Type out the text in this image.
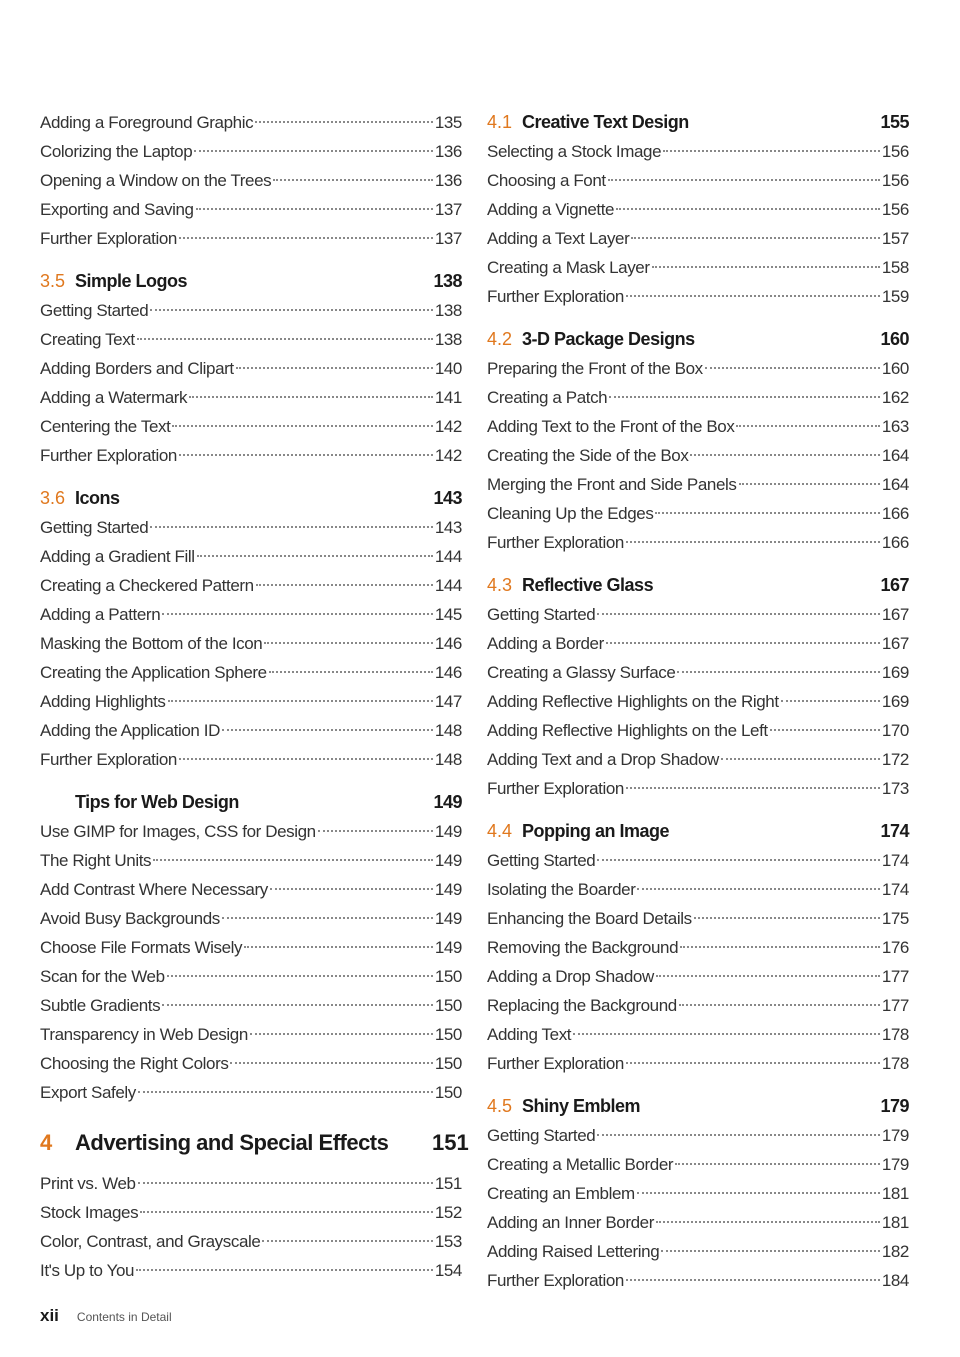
Adding a Foreground Graphic	135
Colorizing the Laptop	136
Opening a Window on the Trees	136
Exporting and Saving	137
Further Exploration	137
3.5 Simple Logos	138
Getting Started	138
Creating Text	138
Adding Borders and Clipart	140
Adding a Watermark	141
Centering the Text	142
Further Exploration	142
3.6 Icons	143
Getting Started	143
Adding a Gradient Fill	144
Creating a Checkered Pattern	144
Adding a Pattern	145
Masking the Bottom of the Icon	146
Creating the Application Sphere	146
Adding Highlights	147
Adding the Application ID	148
Further Exploration	148
Tips for Web Design	149
Use GIMP for Images, CSS for Design	149
The Right Units	149
Add Contrast Where Necessary	149
Avoid Busy Backgrounds	149
Choose File Formats Wisely	149
Scan for the Web	150
Subtle Gradients	150
Transparency in Web Design	150
Choosing the Right Colors	150
Export Safely	150
4	Advertising and Special Effects	151
Print vs. Web	151
Stock Images	152
Color, Contrast, and Grayscale	153
It's Up to You	154
4.1 Creative Text Design	155
Selecting a Stock Image	156
Choosing a Font	156
Adding a Vignette	156
Adding a Text Layer	157
Creating a Mask Layer	158
Further Exploration	159
4.2 3-D Package Designs	160
Preparing the Front of the Box	160
Creating a Patch	162
Adding Text to the Front of the Box	163
Creating the Side of the Box	164
Merging the Front and Side Panels	164
Cleaning Up the Edges	166
Further Exploration	166
4.3 Reflective Glass	167
Getting Started	167
Adding a Border	167
Creating a Glassy Surface	169
Adding Reflective Highlights on the Right	169
Adding Reflective Highlights on the Left	170
Adding Text and a Drop Shadow	172
Further Exploration	173
4.4 Popping an Image	174
Getting Started	174
Isolating the Boarder	174
Enhancing the Board Details	175
Removing the Background	176
Adding a Drop Shadow	177
Replacing the Background	177
Adding Text	178
Further Exploration	178
4.5 Shiny Emblem	179
Getting Started	179
Creating a Metallic Border	179
Creating an Emblem	181
Adding an Inner Border	181
Adding Raised Lettering	182
Further Exploration	184
xii Contents in Detail
